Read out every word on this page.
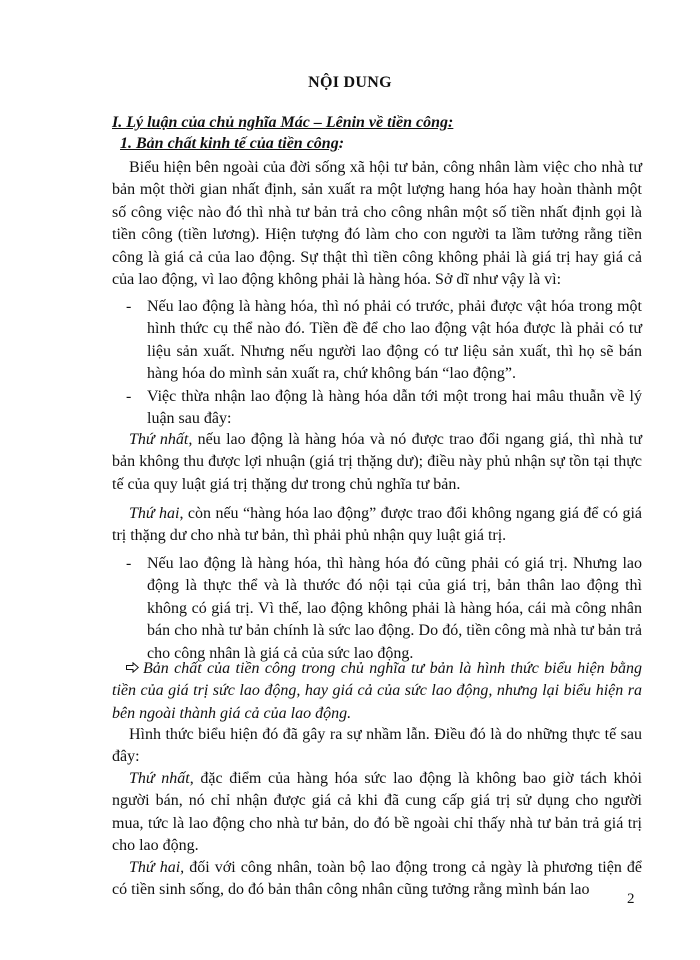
NỘI DUNG
I. Lý luận của chủ nghĩa Mác – Lênin về tiền công:
1. Bản chất kinh tế của tiền công:

Biểu hiện bên ngoài của đời sống xã hội tư bản, công nhân làm việc cho nhà tư bản một thời gian nhất định, sản xuất ra một lượng hang hóa hay hoàn thành một số công việc nào đó thì nhà tư bản trả cho công nhân một số tiền nhất định gọi là tiền công (tiền lương). Hiện tượng đó làm cho con người ta lầm tưởng rằng tiền công là giá cả của lao động. Sự thật thì tiền công không phải là giá trị hay giá cả của lao động, vì lao động không phải là hàng hóa. Sở dĩ như vậy là vì:

- Nếu lao động là hàng hóa, thì nó phải có trước, phải được vật hóa trong một hình thức cụ thể nào đó. Tiền đề để cho lao động vật hóa được là phải có tư liệu sản xuất. Nhưng nếu người lao động có tư liệu sản xuất, thì họ sẽ bán hàng hóa do mình sản xuất ra, chứ không bán “lao động”.
- Việc thừa nhận lao động là hàng hóa dẫn tới một trong hai mâu thuẫn về lý luận sau đây:

Thứ nhất, nếu lao động là hàng hóa và nó được trao đổi ngang giá, thì nhà tư bản không thu được lợi nhuận (giá trị thặng dư); điều này phủ nhận sự tồn tại thực tế của quy luật giá trị thặng dư trong chủ nghĩa tư bản.

Thứ hai, còn nếu “hàng hóa lao động” được trao đổi không ngang giá để có giá trị thặng dư cho nhà tư bản, thì phải phủ nhận quy luật giá trị.

- Nếu lao động là hàng hóa, thì hàng hóa đó cũng phải có giá trị. Nhưng lao động là thực thể và là thước đó nội tại của giá trị, bản thân lao động thì không có giá trị. Vì thế, lao động không phải là hàng hóa, cái mà công nhân bán cho nhà tư bản chính là sức lao động. Do đó, tiền công mà nhà tư bản trả cho công nhân là giá cả của sức lao động.
Bản chất của tiền công trong chủ nghĩa tư bản là hình thức biểu hiện bằng tiền của giá trị sức lao động, hay giá cả của sức lao động, nhưng lại biểu hiện ra bên ngoài thành giá cả của lao động.

Hình thức biểu hiện đó đã gây ra sự nhầm lẫn. Điều đó là do những thực tế sau đây:

Thứ nhất, đặc điểm của hàng hóa sức lao động là không bao giờ tách khỏi người bán, nó chỉ nhận được giá cả khi đã cung cấp giá trị sử dụng cho người mua, tức là lao động cho nhà tư bản, do đó bề ngoài chỉ thấy nhà tư bản trả giá trị cho lao động.

Thứ hai, đối với công nhân, toàn bộ lao động trong cả ngày là phương tiện để có tiền sinh sống, do đó bản thân công nhân cũng tưởng rằng mình bán lao

2
